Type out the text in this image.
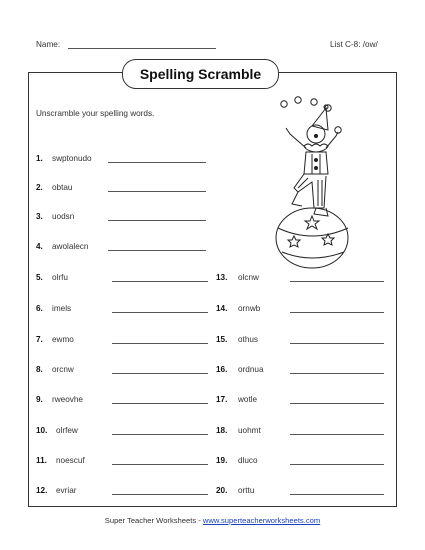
Name:	List C-8: /ow/
Spelling Scramble
Unscramble your spelling words.
1. swptonudo
2. obtau
3. uodsn
4. awolalecn
5. olrfu
6. imels
7. ewmo
8. orcnw
9. rweovhe
10. olrfew
11. noescuf
12. evriar
13. olcnw
14. ornwb
15. othus
16. ordnua
17. wotle
18. uohmt
19. dluco
20. orttu
Super Teacher Worksheets - www.superteacherworksheets.com
